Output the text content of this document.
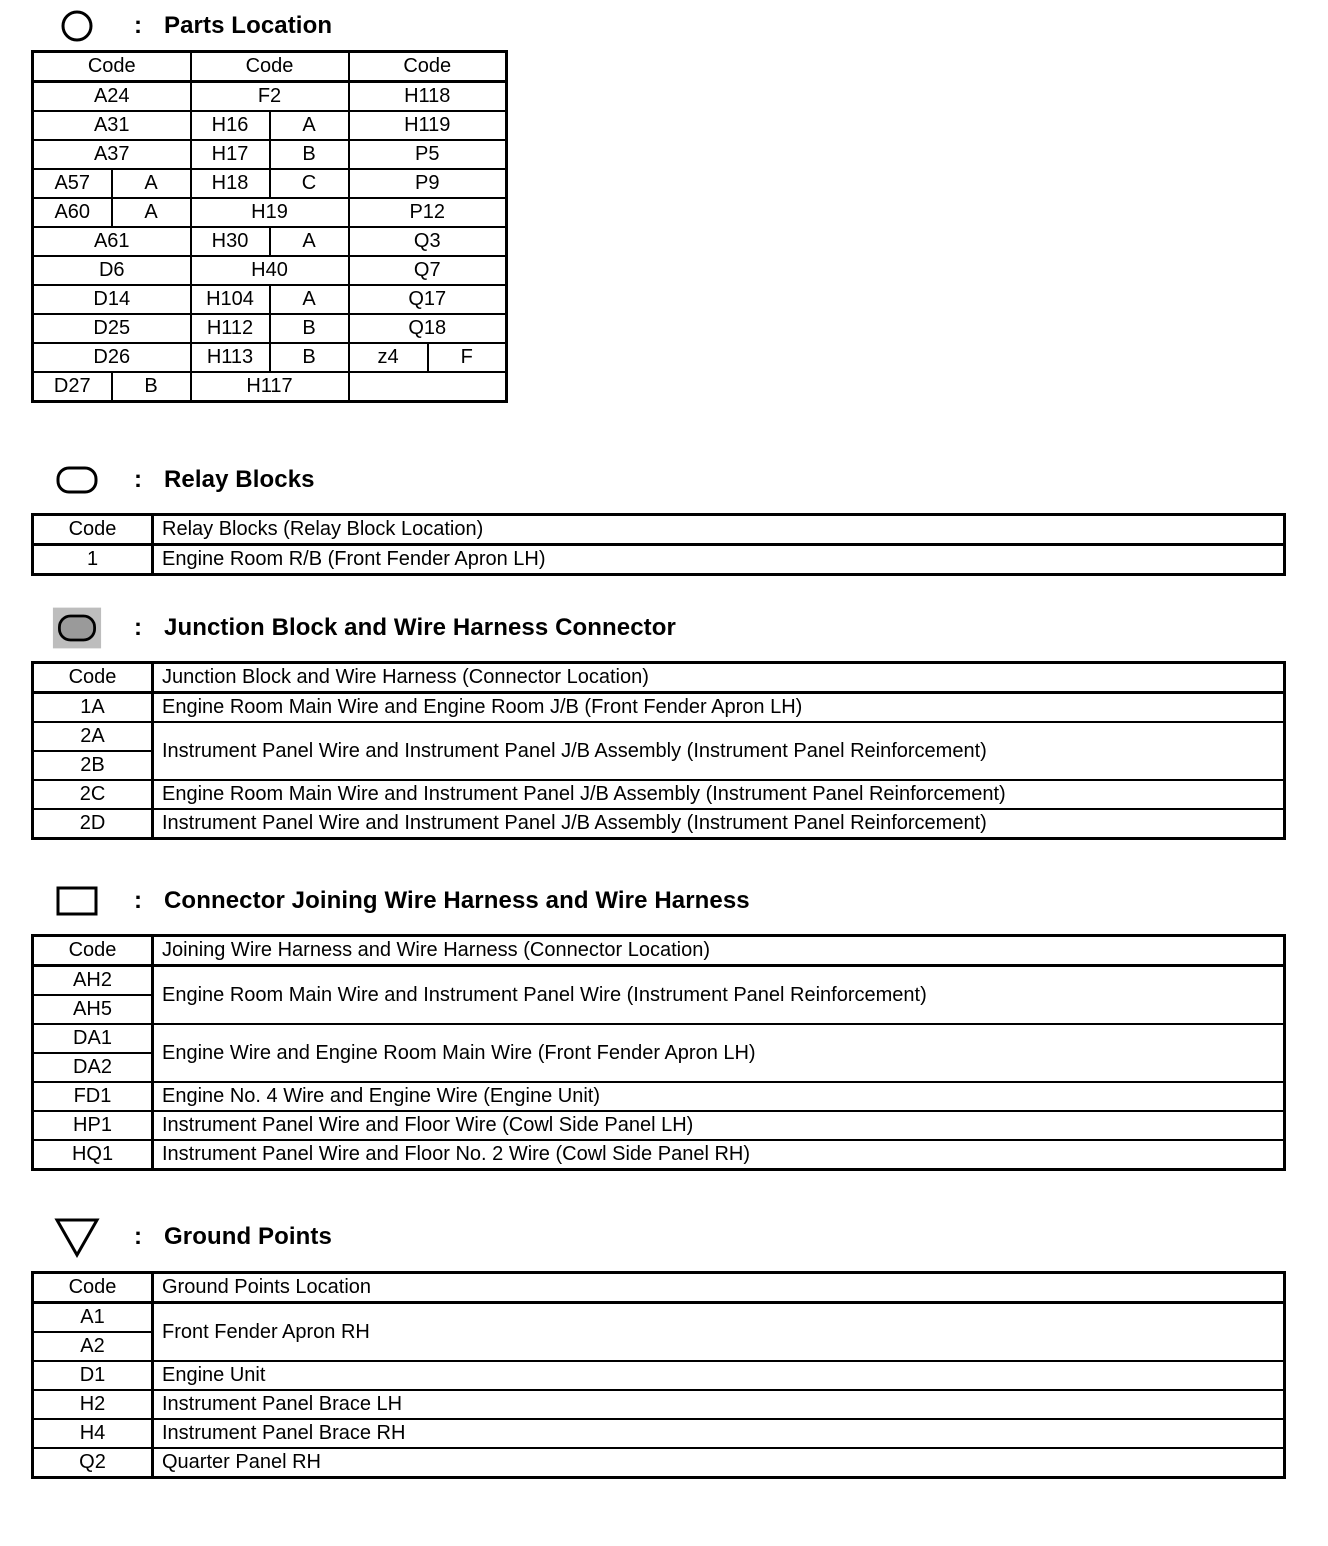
: Parts Location
Code		Code		Code	
A24		F2		H118	
A31		H16	A	H119	
A37		H17	B	P5	
A57	A	H18	C	P9	
A60	A	H19		P12	
A61		H30	A	Q3	
D6		H40		Q7	
D14		H104	A	Q17	
D25		H112	B	Q18	
D26		H113	B	z4	F
D27	B	H117			
: Relay Blocks
Code	Relay Blocks (Relay Block Location)
1	Engine Room R/B (Front Fender Apron LH)
: Junction Block and Wire Harness Connector
Code	Junction Block and Wire Harness (Connector Location)
1A	Engine Room Main Wire and Engine Room J/B (Front Fender Apron LH)
2A	Instrument Panel Wire and Instrument Panel J/B Assembly (Instrument Panel Reinforcement)
2B	
2C	Engine Room Main Wire and Instrument Panel J/B Assembly (Instrument Panel Reinforcement)
2D	Instrument Panel Wire and Instrument Panel J/B Assembly (Instrument Panel Reinforcement)
: Connector Joining Wire Harness and Wire Harness
Code	Joining Wire Harness and Wire Harness (Connector Location)
AH2	Engine Room Main Wire and Instrument Panel Wire (Instrument Panel Reinforcement)
AH5	
DA1	Engine Wire and Engine Room Main Wire (Front Fender Apron LH)
DA2	
FD1	Engine No. 4 Wire and Engine Wire (Engine Unit)
HP1	Instrument Panel Wire and Floor Wire (Cowl Side Panel LH)
HQ1	Instrument Panel Wire and Floor No. 2 Wire (Cowl Side Panel RH)
: Ground Points
Code	Ground Points Location
A1	Front Fender Apron RH
A2	
D1	Engine Unit
H2	Instrument Panel Brace LH
H4	Instrument Panel Brace RH
Q2	Quarter Panel RH
